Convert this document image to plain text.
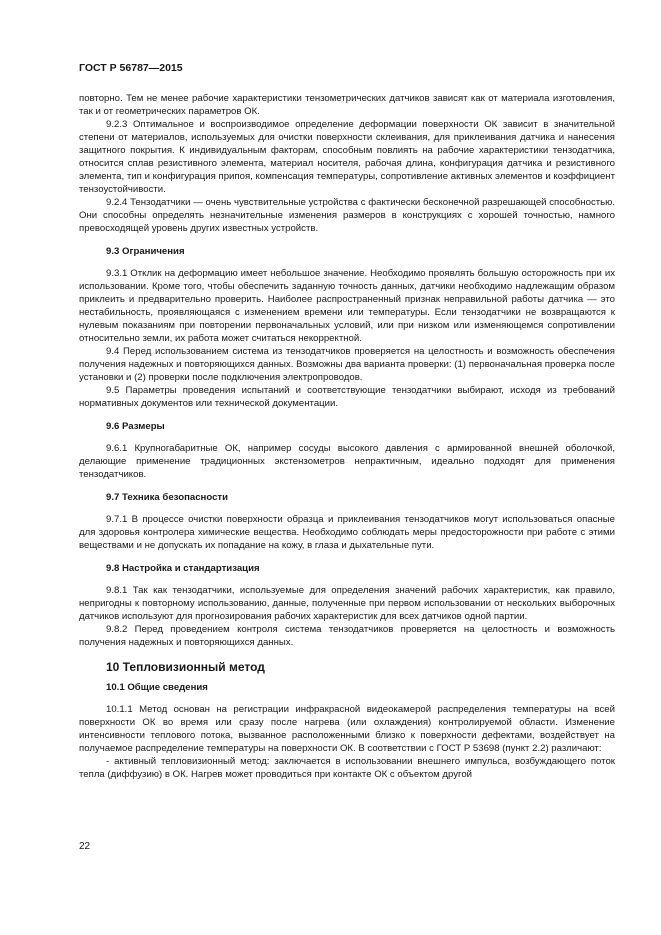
ГОСТ Р 56787—2015

повторно. Тем не менее рабочие характеристики тензометрических датчиков зависят как от материала изготовления, так и от геометрических параметров ОК.

9.2.3 Оптимальное и воспроизводимое определение деформации поверхности ОК зависит в значительной степени от материалов, используемых для очистки поверхности склеивания, для приклеивания датчика и нанесения защитного покрытия. К индивидуальным факторам, способным повлиять на рабочие характеристики тензодатчика, относится сплав резистивного элемента, материал носителя, рабочая длина, конфигурация датчика и резистивного элемента, тип и конфигурация припоя, компенсация температуры, сопротивление активных элементов и коэффициент тензоустойчивости.

9.2.4 Тензодатчики — очень чувствительные устройства с фактически бесконечной разрешающей способностью. Они способны определять незначительные изменения размеров в конструкциях с хорошей точностью, намного превосходящей уровень других известных устройств.

9.3 Ограничения

9.3.1 Отклик на деформацию имеет небольшое значение. Необходимо проявлять большую осторожность при их использовании. Кроме того, чтобы обеспечить заданную точность данных, датчики необходимо надлежащим образом приклеить и предварительно проверить. Наиболее распространенный признак неправильной работы датчика — это нестабильность, проявляющаяся с изменением времени или температуры. Если тензодатчики не возвращаются к нулевым показаниям при повторении первоначальных условий, или при низком или изменяющемся сопротивлении относительно земли, их работа может считаться некорректной.

9.4 Перед использованием система из тензодатчиков проверяется на целостность и возможность обеспечения получения надежных и повторяющихся данных. Возможны два варианта проверки: (1) первоначальная проверка после установки и (2) проверки после подключения электропроводов.

9.5 Параметры проведения испытаний и соответствующие тензодатчики выбирают, исходя из требований нормативных документов или технической документации.

9.6 Размеры

9.6.1 Крупногабаритные ОК, например сосуды высокого давления с армированной внешней оболочкой, делающие применение традиционных экстензометров непрактичным, идеально подходят для применения тензодатчиков.

9.7 Техника безопасности

9.7.1 В процессе очистки поверхности образца и приклеивания тензодатчиков могут использоваться опасные для здоровья контролера химические вещества. Необходимо соблюдать меры предосторожности при работе с этими веществами и не допускать их попадание на кожу, в глаза и дыхательные пути.

9.8 Настройка и стандартизация

9.8.1 Так как тензодатчики, используемые для определения значений рабочих характеристик, как правило, непригодны к повторному использованию, данные, полученные при первом использовании от нескольких выборочных датчиков используют для прогнозирования рабочих характеристик для всех датчиков одной партии.

9.8.2 Перед проведением контроля система тензодатчиков проверяется на целостность и возможность получения надежных и повторяющихся данных.

10 Тепловизионный метод
10.1 Общие сведения

10.1.1 Метод основан на регистрации инфракрасной видеокамерой распределения температуры на всей поверхности ОК во время или сразу после нагрева (или охлаждения) контролируемой области. Изменение интенсивности теплового потока, вызванное расположенными близко к поверхности дефектами, воздействует на получаемое распределение температуры на поверхности ОК. В соответствии с ГОСТ Р 53698 (пункт 2.2) различают:

- активный тепловизионный метод: заключается в использовании внешнего импульса, возбуждающего поток тепла (диффузию) в ОК. Нагрев может проводиться при контакте ОК с объектом другой

22
